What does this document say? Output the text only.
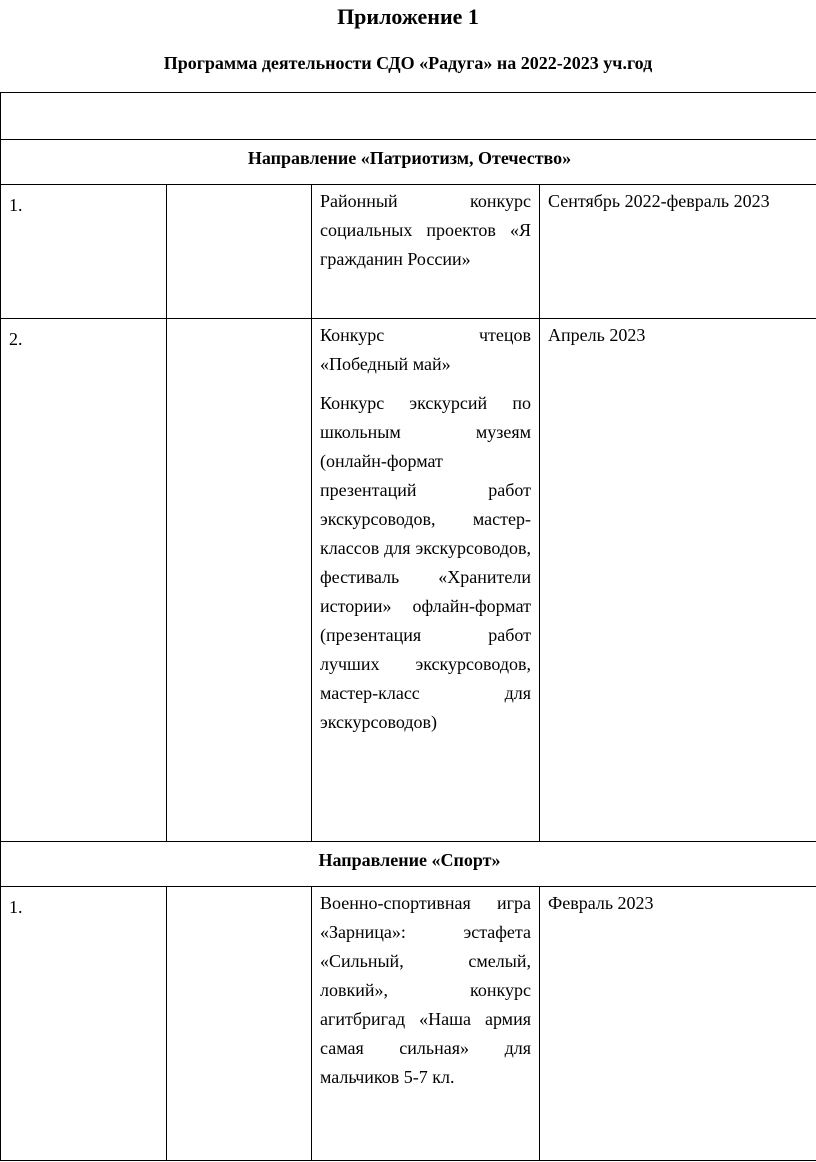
Приложение 1
Программа деятельности СДО «Радуга» на 2022-2023 уч.год

Направление «Патриотизм, Отечество»			

1.		Районный конкурс социальных проектов «Я гражданин России»	Сентябрь 2022-февраль 2023

2.		Конкурс чтецов «Победный май»
Конкурс экскурсий по школьным музеям (онлайн-формат презентаций работ экскурсоводов, мастер-классов для экскурсоводов, фестиваль «Хранители истории» офлайн-формат (презентация работ лучших экскурсоводов, мастер-класс для экскурсоводов)	Апрель 2023

Направление «Спорт»			

1.		Военно-спортивная игра «Зарница»: эстафета «Сильный, смелый, ловкий», конкурс агитбригад «Наша армия самая сильная» для мальчиков 5-7 кл.	Февраль 2023
